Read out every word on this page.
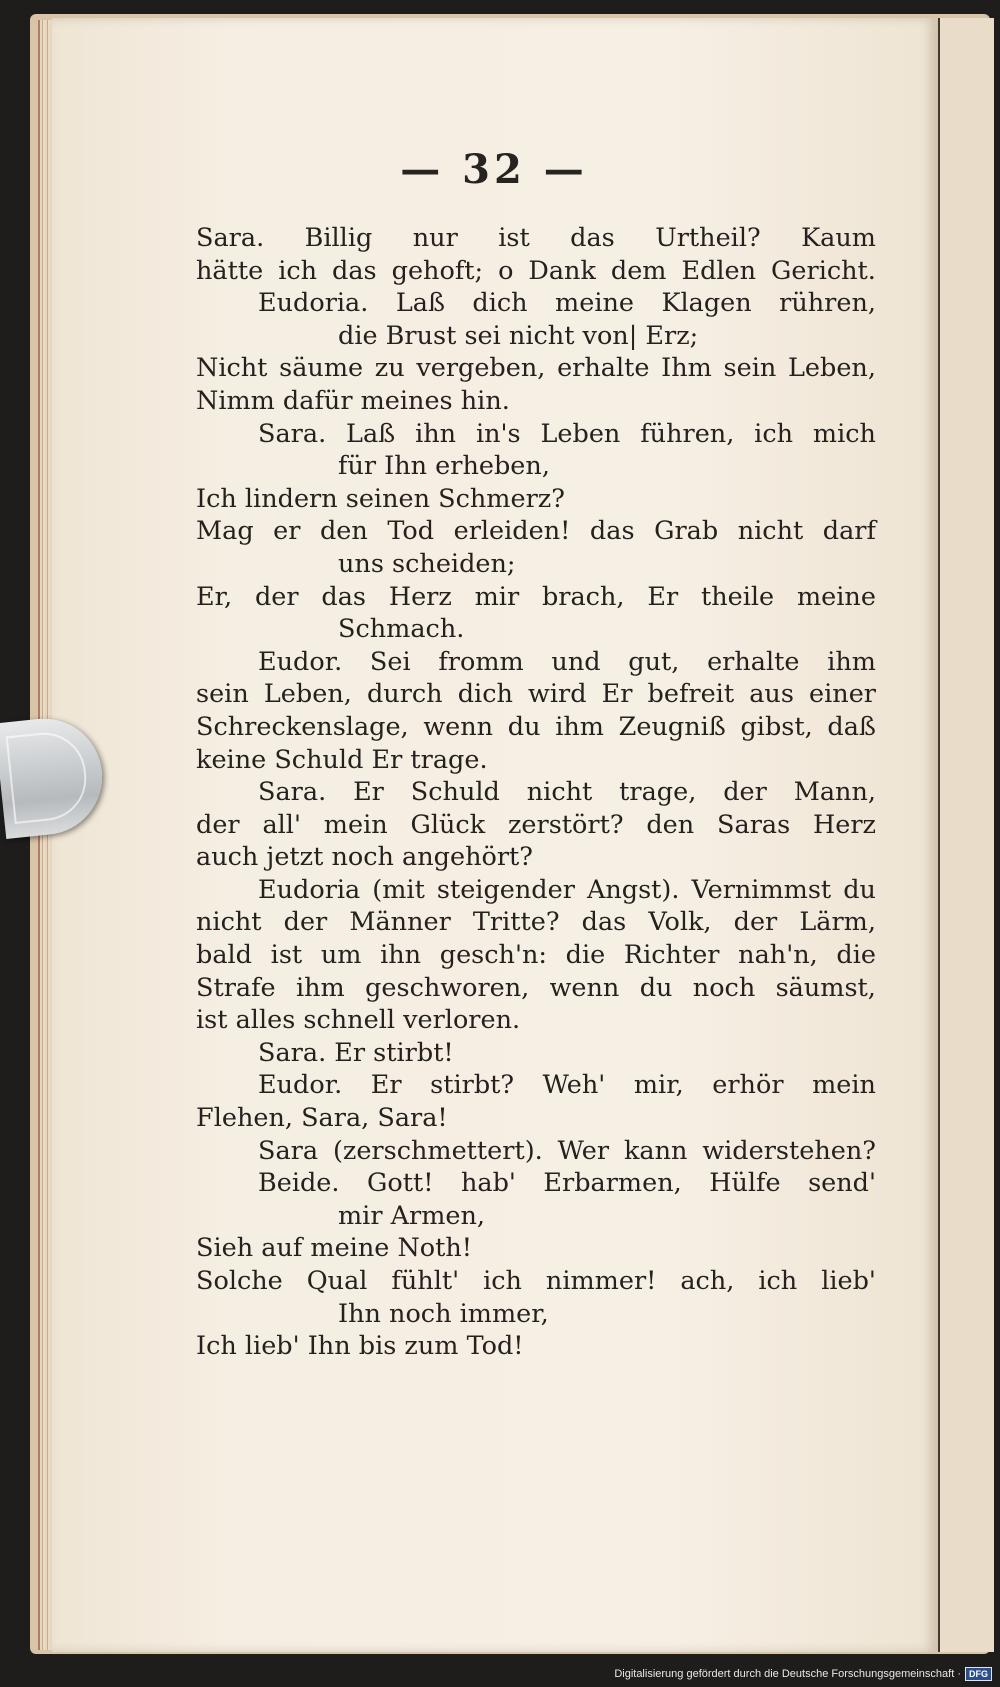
— 32 —
Sara. Billig nur ist das Urtheil? Kaum
hätte ich das gehoft; o Dank dem Edlen Gericht.
Eudoria. Laß dich meine Klagen rühren,
die Brust sei nicht von| Erz;
Nicht säume zu vergeben, erhalte Ihm sein Leben,
Nimm dafür meines hin.
Sara. Laß ihn in's Leben führen, ich mich
für Ihn erheben,
Ich lindern seinen Schmerz?
Mag er den Tod erleiden! das Grab nicht darf
uns scheiden;
Er, der das Herz mir brach, Er theile meine
Schmach.
Eudor. Sei fromm und gut, erhalte ihm
sein Leben, durch dich wird Er befreit aus einer
Schreckenslage, wenn du ihm Zeugniß gibst, daß
keine Schuld Er trage.
Sara. Er Schuld nicht trage, der Mann,
der all' mein Glück zerstört? den Saras Herz
auch jetzt noch angehört?
Eudoria (mit steigender Angst). Vernimmst du
nicht der Männer Tritte? das Volk, der Lärm,
bald ist um ihn gesch'n: die Richter nah'n, die
Strafe ihm geschworen, wenn du noch säumst,
ist alles schnell verloren.
Sara. Er stirbt!
Eudor. Er stirbt? Weh' mir, erhör mein
Flehen, Sara, Sara!
Sara (zerschmettert). Wer kann widerstehen?
Beide. Gott! hab' Erbarmen, Hülfe send'
mir Armen,
Sieh auf meine Noth!
Solche Qual fühlt' ich nimmer! ach, ich lieb'
Ihn noch immer,
Ich lieb' Ihn bis zum Tod!
Digitalisierung gefördert durch die Deutsche Forschungsgemeinschaft · DFG
